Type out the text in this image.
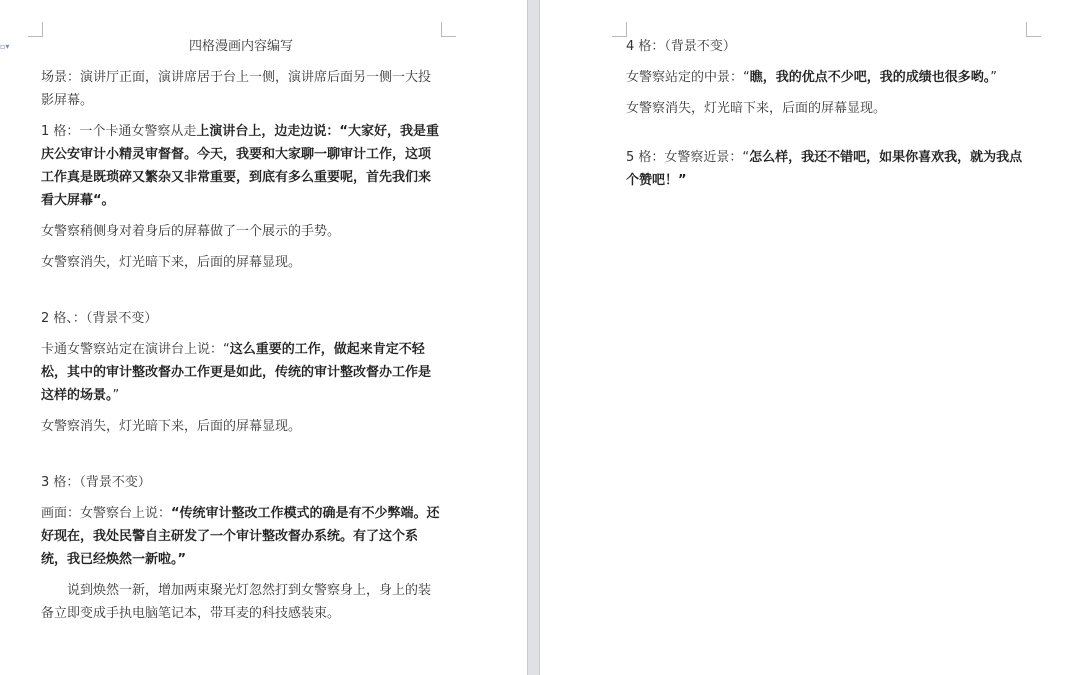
▫▾	四格漫画内容编写

场景：演讲厅正面，演讲席居于台上一侧，演讲席后面另一侧一大投影屏幕。

1 格：一个卡通女警察从走上演讲台上，边走边说：“大家好，我是重庆公安审计小精灵审督督。今天，我要和大家聊一聊审计工作，这项工作真是既琐碎又繁杂又非常重要，到底有多么重要呢，首先我们来看大屏幕“。

女警察稍侧身对着身后的屏幕做了一个展示的手势。

女警察消失，灯光暗下来，后面的屏幕显现。

2 格、：（背景不变）

卡通女警察站定在演讲台上说：“这么重要的工作，做起来肯定不轻松，其中的审计整改督办工作更是如此，传统的审计整改督办工作是这样的场景。”

女警察消失，灯光暗下来，后面的屏幕显现。

3 格：（背景不变）

画面：女警察台上说：“传统审计整改工作模式的确是有不少弊端。还好现在，我处民警自主研发了一个审计整改督办系统。有了这个系统，我已经焕然一新啦。”

说到焕然一新，增加两束聚光灯忽然打到女警察身上，身上的装备立即变成手执电脑笔记本，带耳麦的科技感装束。

4 格：（背景不变）

女警察站定的中景：“瞧，我的优点不少吧，我的成绩也很多哟。”

女警察消失，灯光暗下来，后面的屏幕显现。

5 格：女警察近景：“怎么样，我还不错吧，如果你喜欢我，就为我点个赞吧！”
